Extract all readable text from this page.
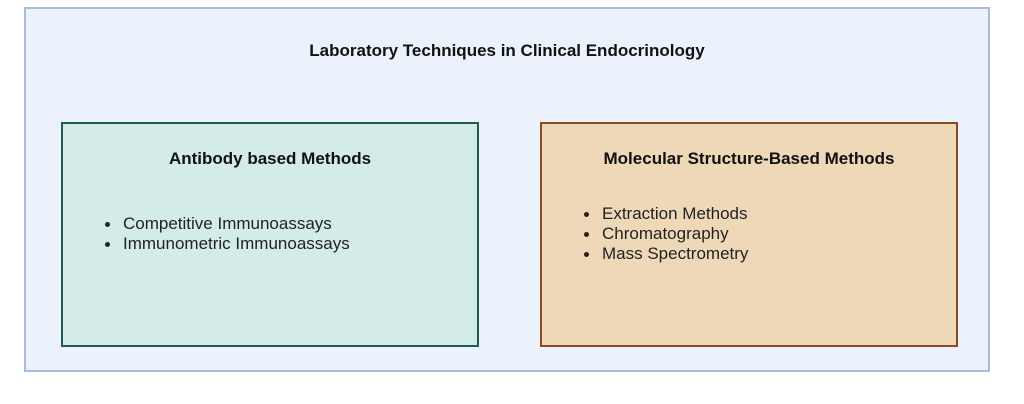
Laboratory Techniques in Clinical Endocrinology
Antibody based Methods
Competitive Immunoassays
Immunometric Immunoassays
Molecular Structure-Based Methods
Extraction Methods
Chromatography
Mass Spectrometry
